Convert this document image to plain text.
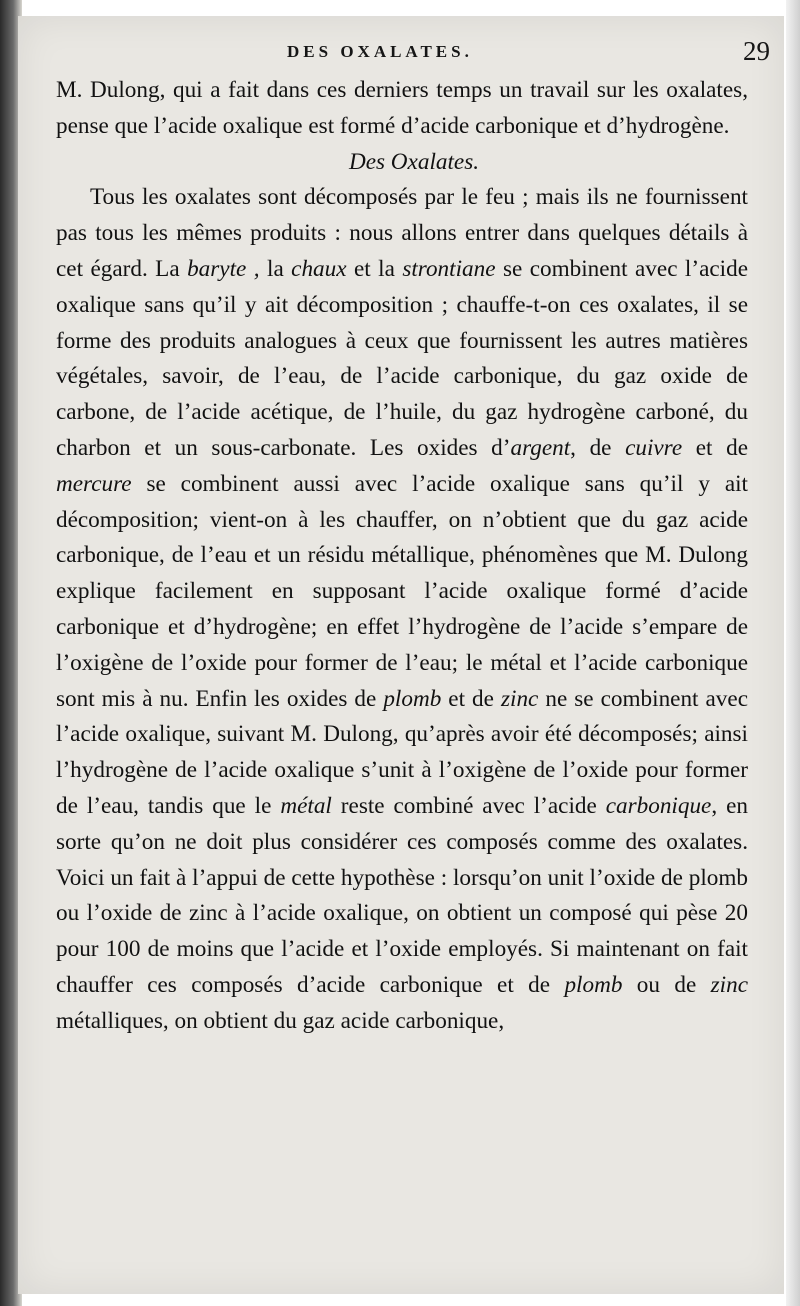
DES OXALATES.	29

M. Dulong, qui a fait dans ces derniers temps un travail sur les oxalates, pense que l’acide oxalique est formé d’acide carbonique et d’hydrogène.

Des Oxalates.

Tous les oxalates sont décomposés par le feu ; mais ils ne fournissent pas tous les mêmes produits : nous allons entrer dans quelques détails à cet égard. La baryte , la chaux et la strontiane se combinent avec l’acide oxalique sans qu’il y ait décomposition ; chauffe-t-on ces oxalates, il se forme des produits analogues à ceux que fournissent les autres matières végétales, savoir, de l’eau, de l’acide carbonique, du gaz oxide de carbone, de l’acide acétique, de l’huile, du gaz hydrogène carboné, du charbon et un sous-carbonate. Les oxides d’argent, de cuivre et de mercure se combinent aussi avec l’acide oxalique sans qu’il y ait décomposition; vient-on à les chauffer, on n’obtient que du gaz acide carbonique, de l’eau et un résidu métallique, phénomènes que M. Dulong explique facilement en supposant l’acide oxalique formé d’acide carbonique et d’hydrogène; en effet l’hydrogène de l’acide s’empare de l’oxigène de l’oxide pour former de l’eau; le métal et l’acide carbonique sont mis à nu. Enfin les oxides de plomb et de zinc ne se combinent avec l’acide oxalique, suivant M. Dulong, qu’après avoir été décomposés; ainsi l’hydrogène de l’acide oxalique s’unit à l’oxigène de l’oxide pour former de l’eau, tandis que le métal reste combiné avec l’acide carbonique, en sorte qu’on ne doit plus considérer ces composés comme des oxalates. Voici un fait à l’appui de cette hypothèse : lorsqu’on unit l’oxide de plomb ou l’oxide de zinc à l’acide oxalique, on obtient un composé qui pèse 20 pour 100 de moins que l’acide et l’oxide employés. Si maintenant on fait chauffer ces composés d’acide carbonique et de plomb ou de zinc métalliques, on obtient du gaz acide carbonique,
